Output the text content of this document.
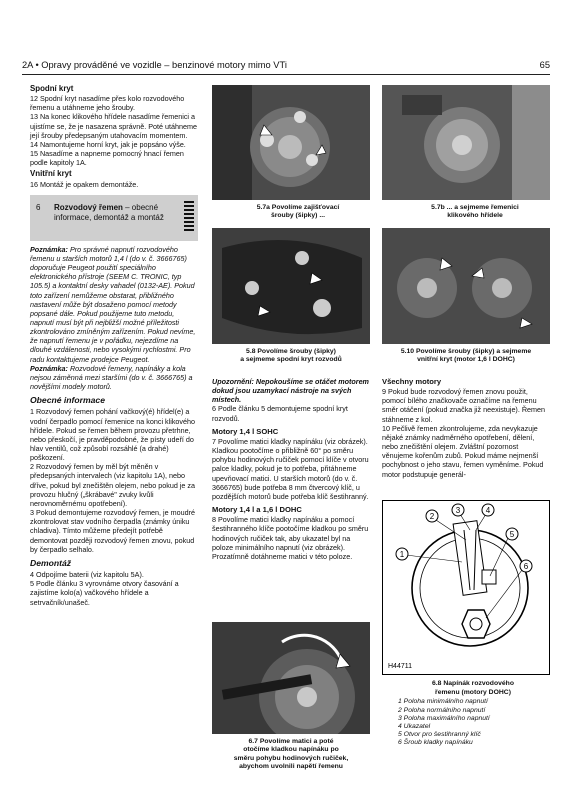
2A • Opravy prováděné ve vozidle – benzinové motory mimo VTi	65
5.7a Povolíme zajišťovací
šrouby (šipky) ...
5.7b ... a sejmeme řemenici
klikového hřídele
5.8 Povolíme šrouby (šipky)
a sejmeme spodní kryt rozvodů
5.10 Povolíme šrouby (šipky) a sejmeme
vnitřní kryt (motor 1,6 l DOHC)
Spodní kryt

12 Spodní kryt nasadíme přes kolo rozvodového řemenu a utáhneme jeho šrouby.

13 Na konec klikového hřídele nasadíme řemenici a ujistíme se, že je nasazena správně. Poté utáhneme její šrouby předepsaným utahovacím momentem.

14 Namontujeme horní kryt, jak je popsáno výše.

15 Nasadíme a napneme pomocný hnací řemen podle kapitoly 1A.

Vnitřní kryt

16 Montáž je opakem demontáže.

6 Rozvodový řemen – obecné informace, demontáž a montáž

Poznámka: Pro správné napnutí rozvodového řemenu u starších motorů 1,4 l (do v. č. 3666765) doporučuje Peugeot použití speciálního elektronického přístroje (SEEM C. TRONIC, typ 105.5) a kontaktní desky vahadel (0132-AE). Pokud toto zařízení nemůžeme obstarat, přibližného nastavení může být dosaženo pomocí metody popsané dále. Pokud použijeme tuto metodu, napnutí musí být při nejbližší možné příležitosti zkontrolováno zmíněným zařízením. Pokud nevíme, že napnutí řemenu je v pořádku, nejezdíme na dlouhé vzdálenosti, nebo vysokými rychlostmi. Pro radu kontaktujeme prodejce Peugeot.

Poznámka: Rozvodové řemeny, napínáky a kola nejsou záměnná mezi staršími (do v. č. 3666765) a novějšími modely motorů.

Obecné informace

1 Rozvodový řemen pohání vačkový(é) hřídel(e) a vodní čerpadlo pomocí řemenice na konci klikového hřídele. Pokud se řemen během provozu přetrhne, nebo přeskočí, je pravděpodobné, že písty udeří do hlav ventilů, což způsobí rozsáhlé (a drahé) poškození.

2 Rozvodový řemen by měl být měněn v předepsaných intervalech (viz kapitolu 1A), nebo dříve, pokud byl znečištěn olejem, nebo pokud je za provozu hlučný („škrábavé" zvuky kvůli nerovnoměrnému opotřebení).

3 Pokud demontujeme rozvodový řemen, je moudré zkontrolovat stav vodního čerpadla (známky úniku chladiva). Tímto můžeme předejít potřebě demontovat později rozvodový řemen znovu, pokud by čerpadlo selhalo.

Demontáž

4 Odpojíme baterii (viz kapitolu 5A).

5 Podle článku 3 vyrovnáme otvory časování a zajistíme kolo(a) vačkového hřídele a setrvačník/unašeč.

Upozornění: Nepokoušíme se otáčet motorem dokud jsou uzamykací nástroje na svých místech.

6 Podle článku 5 demontujeme spodní kryt rozvodů.

Motory 1,4 l SOHC

7 Povolíme matici kladky napínáku (viz obrázek). Kladkou pootočíme o přibližně 60° po směru pohybu hodinových ručiček pomocí klíče v otvoru palce kladky, pokud je to potřeba, přitáhneme upevňovací matici. U starších motorů (do v. č. 3666765) bude potřeba 8 mm čtvercový klíč, u pozdějších motorů bude potřeba klíč šestihranný.

Motory 1,4 l a 1,6 l DOHC

8 Povolíme matici kladky napínáku a pomocí šestihranného klíče pootočíme kladkou po směru hodinových ručiček tak, aby ukazatel byl na poloze minimálního napnutí (viz obrázek). Prozatímně dotáhneme matici v této poloze.

6.7 Povolíme matici a poté
otočíme kladkou napínáku po
směru pohybu hodinových ručiček,
abychom uvolnili napětí řemenu
Všechny motory

9 Pokud bude rozvodový řemen znovu použit, pomocí bílého značkovače označíme na řemenu směr otáčení (pokud značka již neexistuje). Řemen stáhneme z kol.

10 Pečlivě řemen zkontrolujeme, zda nevykazuje nějaké známky nadměrného opotřebení, dělení, nebo znečištění olejem. Zvláštní pozornost věnujeme kořenům zubů. Pokud máme nejmenší pochybnost o jeho stavu, řemen vyměníme. Pokud motor podstupuje generál-

1
2
3	4
5
6
H44711
6.8 Napínák rozvodového
řemenu (motory DOHC)
1 Poloha minimálního napnutí
2 Poloha normálního napnutí
3 Poloha maximálního napnutí
4 Ukazatel
5 Otvor pro šestihranný klíč
6 Šroub kladky napínáku
